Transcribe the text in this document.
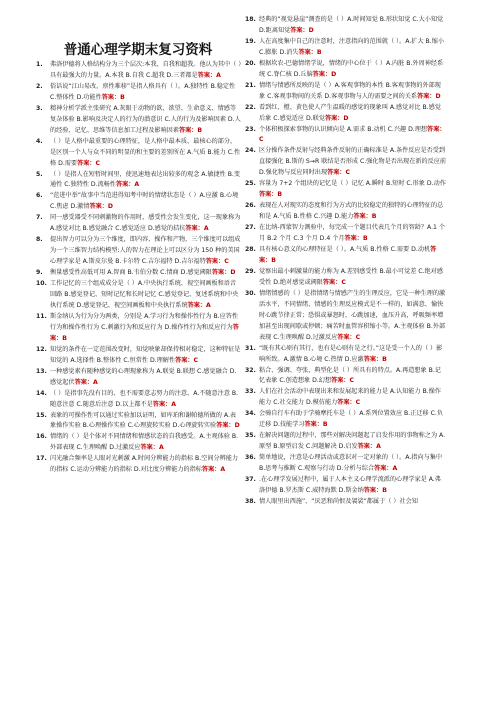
普通心理学期末复习资料
1.	弗洛伊德将人格结构分为三个层次:本我、自我和超我。他认为其中（ ）具有最强大的力量。A.本我 B.自我 C.超我 D.三者都是答案：A
2.	俗话说“江山易改，禀性难移”是指人格具有（ ）。A.独特性 B.稳定性 C.整体性 D.功能性答案：B
3.	精神分析学派主张研究 A.灰眼于动物的欲、欲望、生命意义、情感等复杂体验 B.影响及决定人的行为的潜意识 C.人的行为及影响因素 D.人的经验、记忆、思维等信息加工过程及影响因素答案：B
4.	（ ）是人格中最重要的心理特征，是人格中最本质、最核心的部分，是区别一个人与众不同的明显的和主要的差别所在 A.气质 B.能力 C.性格 D.需要答案：C
5.	（ ）是指人在短暂时间里，使迅速地表达出较多的观念 A.敏捷性 B.变通性 C.独特性 D.流畅性答案：A
6.	“范进中举”故事中当范进得知考中时的情绪状态是（ ）A.应激 B.心境 C.焦虑 D.激情答案：D
7.	同一感受器受不同刺激物的作用时，感受性会发生变化，这一现象称为 A.感觉对比 B.感觉融合 C.感觉适应 D.感觉的拮抗答案：A
8.	提出智力可以分为三个维度，即内容、操作和产物，三个维度可以组成为一个三维智力结构模型:人的智力在理论上可以区分为 150 种的美国心理学家是 A.斯皮尔曼 B.卡尔特 C.吉尔福特 D.吉尔福特答案：C
9.	衡量感受性高低可用 A.智商 B.韦伯分数 C.情商 D.感觉阈限答案：D
10. 工作记忆的三个组成成分是（ ）A.中央执行系统、视空间画板和语音回路 B.感觉登记、短时记忆和长时记忆 C.感觉登记、复述系统和中央执行系统 D.感觉登记、视空间画板和中央执行系统答案：A
11. 斯金纳认为行为分为两类，分别是 A.学习行为和操作性行为 B.应答性行为和操作性行为 C.刺激行为和反应行为 D.操作性行为和反应行为答案：B
12. 知觉的条件在一定范围改变时，知觉映象却保持相对稳定，这种特征是知觉的 A.选择性 B.整体性 C.恒常性 D.理解性答案：C
13. 一种感觉素有随种感觉的心理现象称为 A.联觉 B.联想 C.感觉融合 D.感觉起伏答案：A
14. （ ）是指事先没有目的、也不需要意志努力的注意。A.不随意注意 B.随意注意 C.随意后注意 D.以上都不是答案：A
15. 表象的可操作性可以通过实验加以证明，如库珀和谢帕德所做的 A.表象操作实验 B.心理操作实验 C.心理旋转实验 D.心理旋转实验答案：D
16. 情绪的（ ）是个体对不同情绪和情感状态的自我感受。A.主观体验 B.外部表现 C.生理唤醒 D.过激反应答案：A
17. 闪光融合频率是人眼对光刺激 A.时间分辨能力的指标 B.空间分辨能力的指标 C.运动分辨能力的指标 D.对比度分辨能力的指标答案：A
18. 经典的“视觉悬崖”测查的是（ ）A.时间知觉 B.形状知觉 C.大小知觉 D.距离知觉答案：D
19. 人在高度集中自己的注意时，注意指向的范围就（ ）。A.扩大 B.缩小 C.膨胀 D.消失答案：B
20. 根据坎农-巴德情绪学说，情绪的中心位于（ ）A.内脏 B.外周神经系统 C.脊仁核 D.丘脑答案：D
21. 情绪与情感所反映的是（ ）A.客观事物的本性 B.客观事物的外部现象 C.客观事物间的关系 D.客观事物与人的需要之间的关系答案：D
22. 看到红、橙、黄色使人产生温暖的感觉的现象叫 A.感觉对比 B.感觉后象 C.感觉适应 D.联觉答案：D
23. 个体积极探索事物的认识倾向是 A.需求 B.动机 C.兴趣 D.理想答案：C
24. 区分操作条件反射与经典条件反射的正确标准是 A.条件反应是否受到直接强化 B.斯的 S→R 联结是否形成 C.强化物是否出现在新的反应前 D.强化物与反应同时出现答案：C
25. 容量为 7+2 个组块的记忆是（ ）记忆 A.瞬时 B.短时 C.形象 D.动作答案：B
26. 表现在人对现实的态度和行为方式的比较稳定的独特的心理特征的总和是 A.气质 B.性格 C.兴趣 D.能力答案：B
27. 在比纳-西蒙智力测验中，每完成一个题目代表几个月的智龄？A.1 个月 B.2 个月 C.3 个月 D.4 个月答案：B
28. 具有核心意义的心理特征是（ ）。A.气质 B.性格 C.需要 D.动机答案：B
29. 觉察出最小刺激量的能力称为 A.差别感受性 B.最小可觉差 C.绝对感受性 D.绝对感觉或阈限答案：C
30. 情绪情感的（ ）是指情绪与情感产生的生理反应，它是一种生理的激活水平，不同情绪、情感的生理反应模式是不一样的，如满意、愉快时心跳节律正常；恐惧或暴怒时，心跳加速，血压升高，呼吸频率增加甚至出现间歇或停顿；痛苦时血管容积缩小等。A.主观体验 B.外部表现 C.生理唤醒 D.过激反应答案：C
31. “既有其心则有其行，也有是心则有是之行。”这是受一个人的（ ）影响所致。A.激情 B.心境 C.热情 D.应激答案：B
32. 粘合、强调、夸张、典型化是（ ）所具有的特点。A.再造想象 B.记忆表象 C.创造想象 D.幻想答案：C
33. 人们在社会活动中表现出来和发展起来的能力是 A.认知能力 B.操作能力 C.社交能力 D.模仿能力答案：C
34. 会骑自行车有助于学骑摩托车是（ ）A.系列位置效应 B.正迁移 C.负迁移 D.技能学习答案：B
35. 在解决问题的过程中，那些对解决问题起了启发作用的事物称之为 A.原型 B.原型启发 C.问题解决 D.启发答案：A
36. 简单地说，注意是心理活动或意识对一定对象的（ ）。A.指向与集中 B.思考与推断 C.观察与行动 D.分析与综合答案：A
37. .在心理学发展过程中，属于人本主义心理学流派的心理学家是 A.弗洛伊德 B.罗杰斯 C.威特海默 D.斯金纳答案：B
38. 情人眼里出西施”、“厌恶和尚恨及袈裟”都属于（ ）社会知
